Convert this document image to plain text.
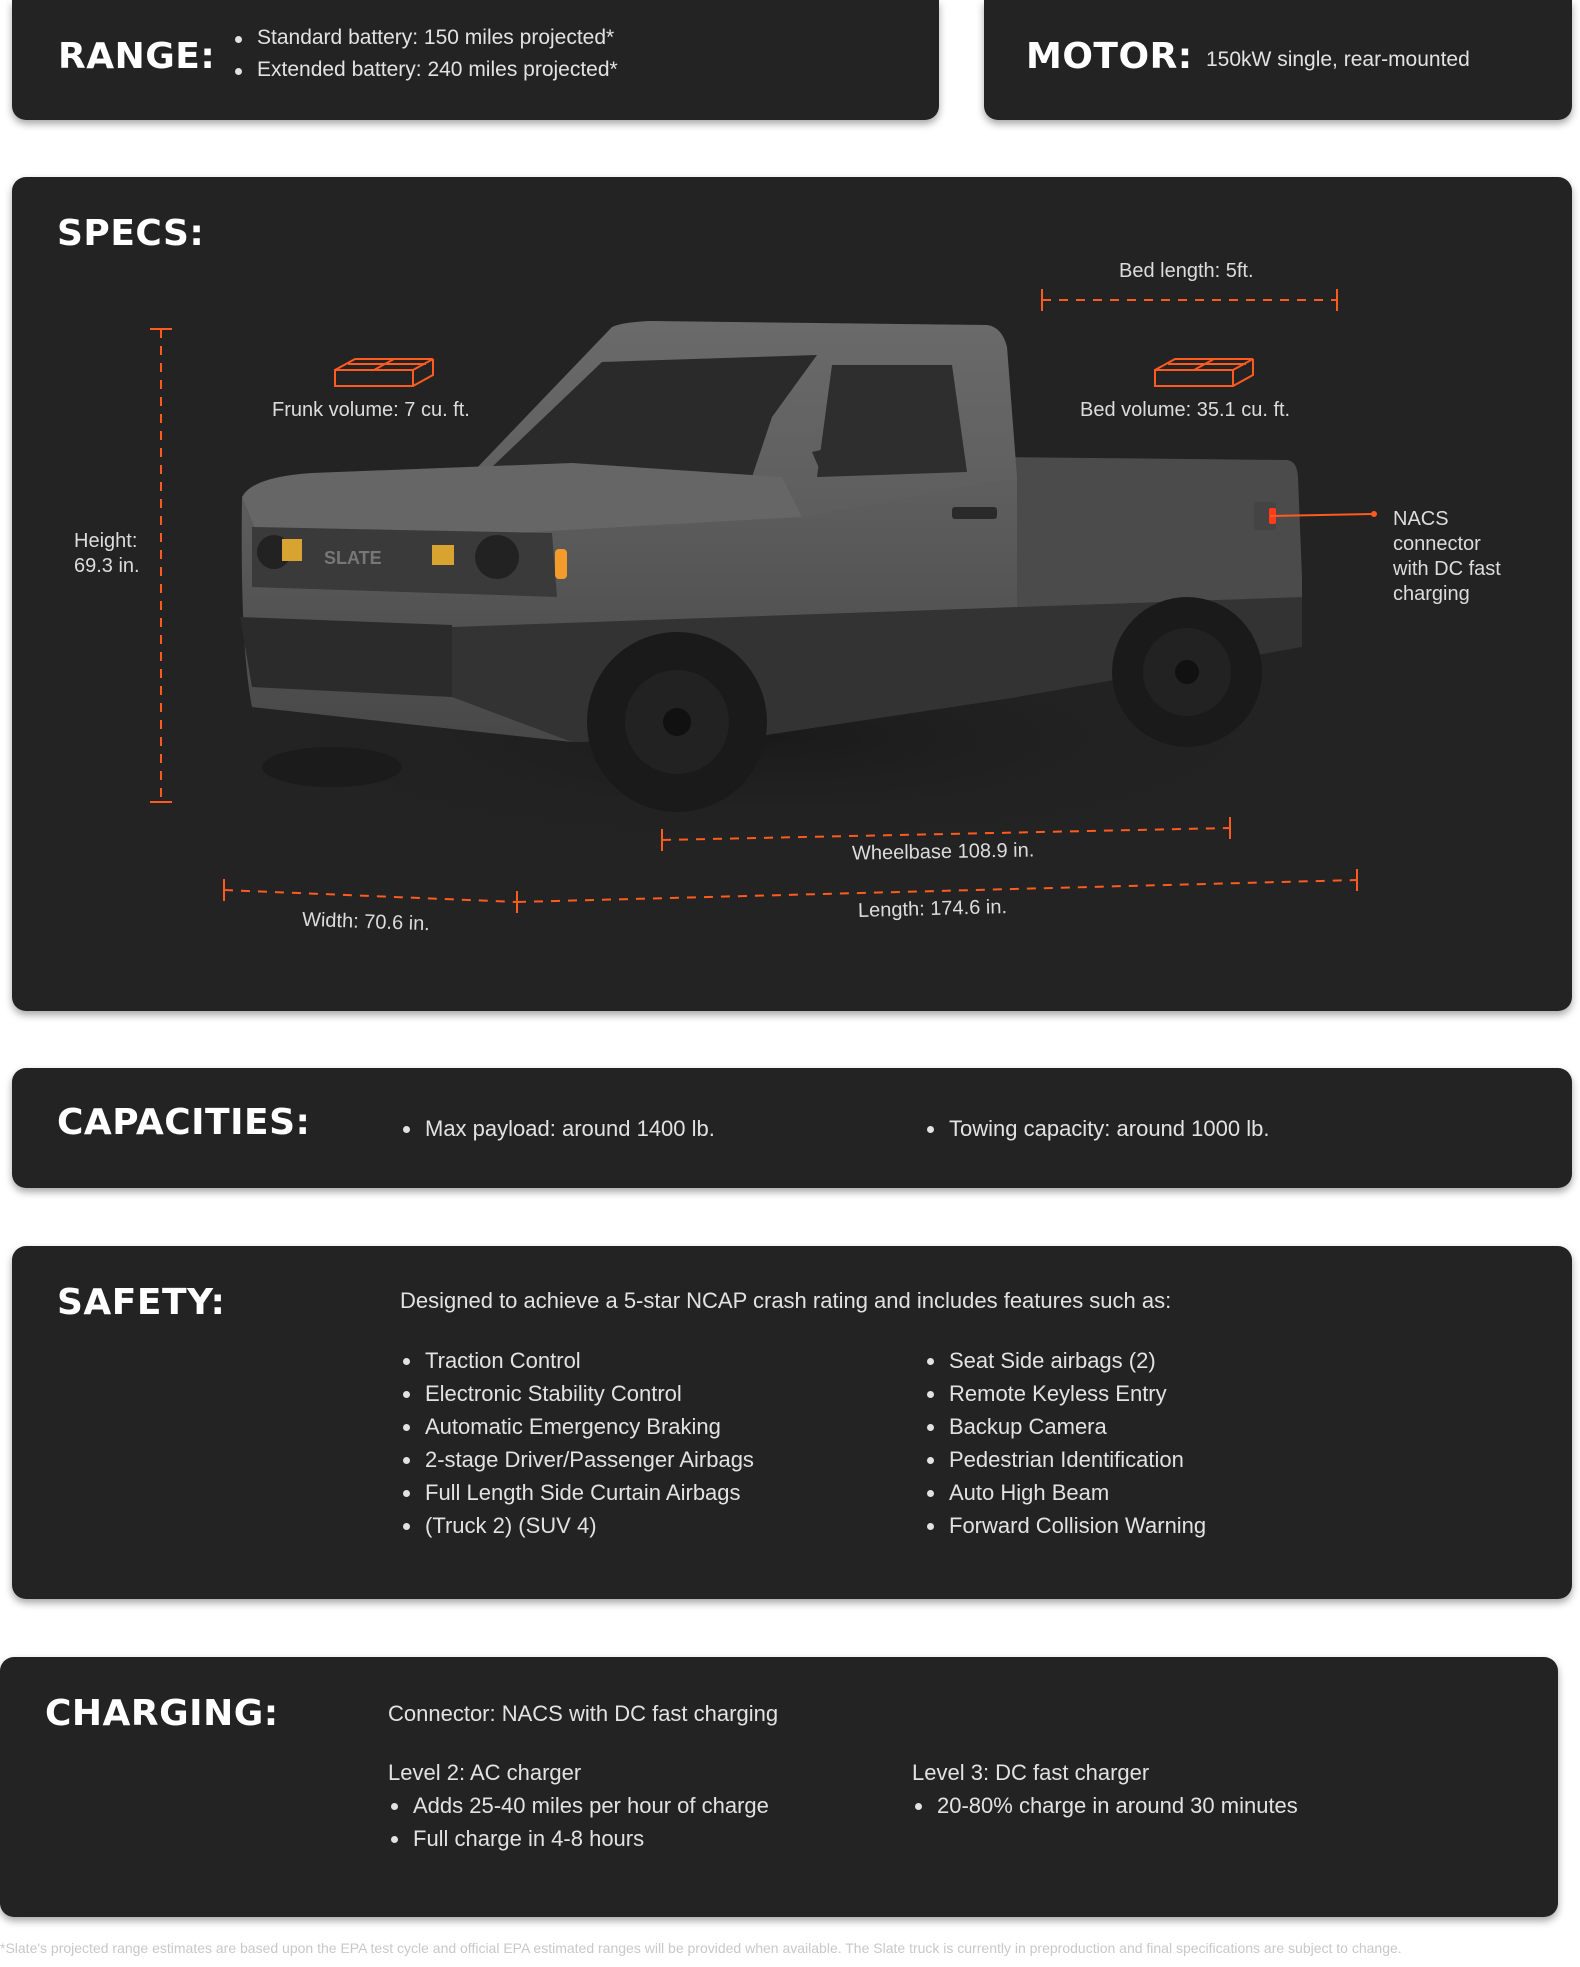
RANGE:	Standard battery: 150 miles projected*
Extended battery: 240 miles projected*	MOTOR: 150kW single, rear-mounted
SPECS:
SLATE
Bed length: 5ft.
Frunk volume: 7 cu. ft.	Bed volume: 35.1 cu. ft.
Height:
69.3 in.
NACS
connector
with DC fast
charging
Wheelbase 108.9 in.
Width: 70.6 in.	Length: 174.6 in.
CAPACITIES:	Max payload: around 1400 lb.	Towing capacity: around 1000 lb.
SAFETY:	Designed to achieve a 5-star NCAP crash rating and includes features such as:
Traction Control
Electronic Stability Control
Automatic Emergency Braking
2-stage Driver/Passenger Airbags
Full Length Side Curtain Airbags
(Truck 2) (SUV 4)
Seat Side airbags (2)
Remote Keyless Entry
Backup Camera
Pedestrian Identification
Auto High Beam
Forward Collision Warning
CHARGING:	Connector: NACS with DC fast charging
Level 2: AC charger
Adds 25-40 miles per hour of charge
Full charge in 4-8 hours
Level 3: DC fast charger
20-80% charge in around 30 minutes
*Slate's projected range estimates are based upon the EPA test cycle and official EPA estimated ranges will be provided when available. The Slate truck is currently in preproduction and final specifications are subject to change.
